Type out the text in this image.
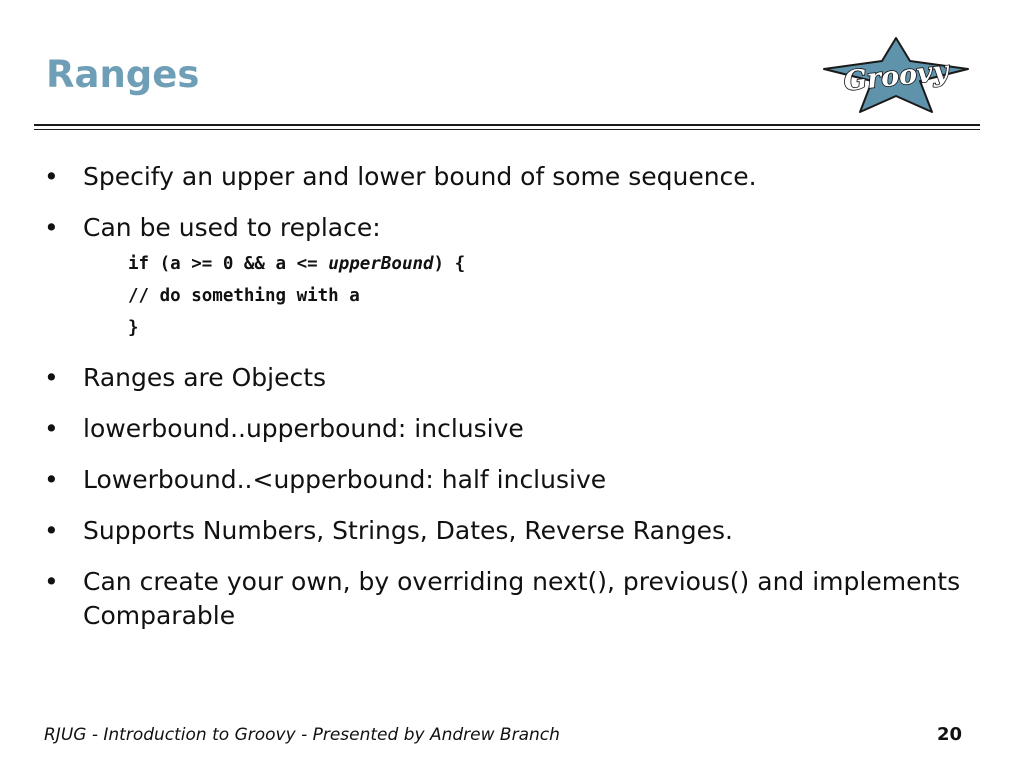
Ranges	Groovy
• Specify an upper and lower bound of some sequence.
• Can be used to replace:
if (a >= 0 && a <= upperBound) {
// do something with a
}
• Ranges are Objects
• lowerbound..upperbound: inclusive
• Lowerbound..<upperbound: half inclusive
• Supports Numbers, Strings, Dates, Reverse Ranges.
• Can create your own, by overriding next(), previous() and implements Comparable
RJUG - Introduction to Groovy - Presented by Andrew Branch	20
